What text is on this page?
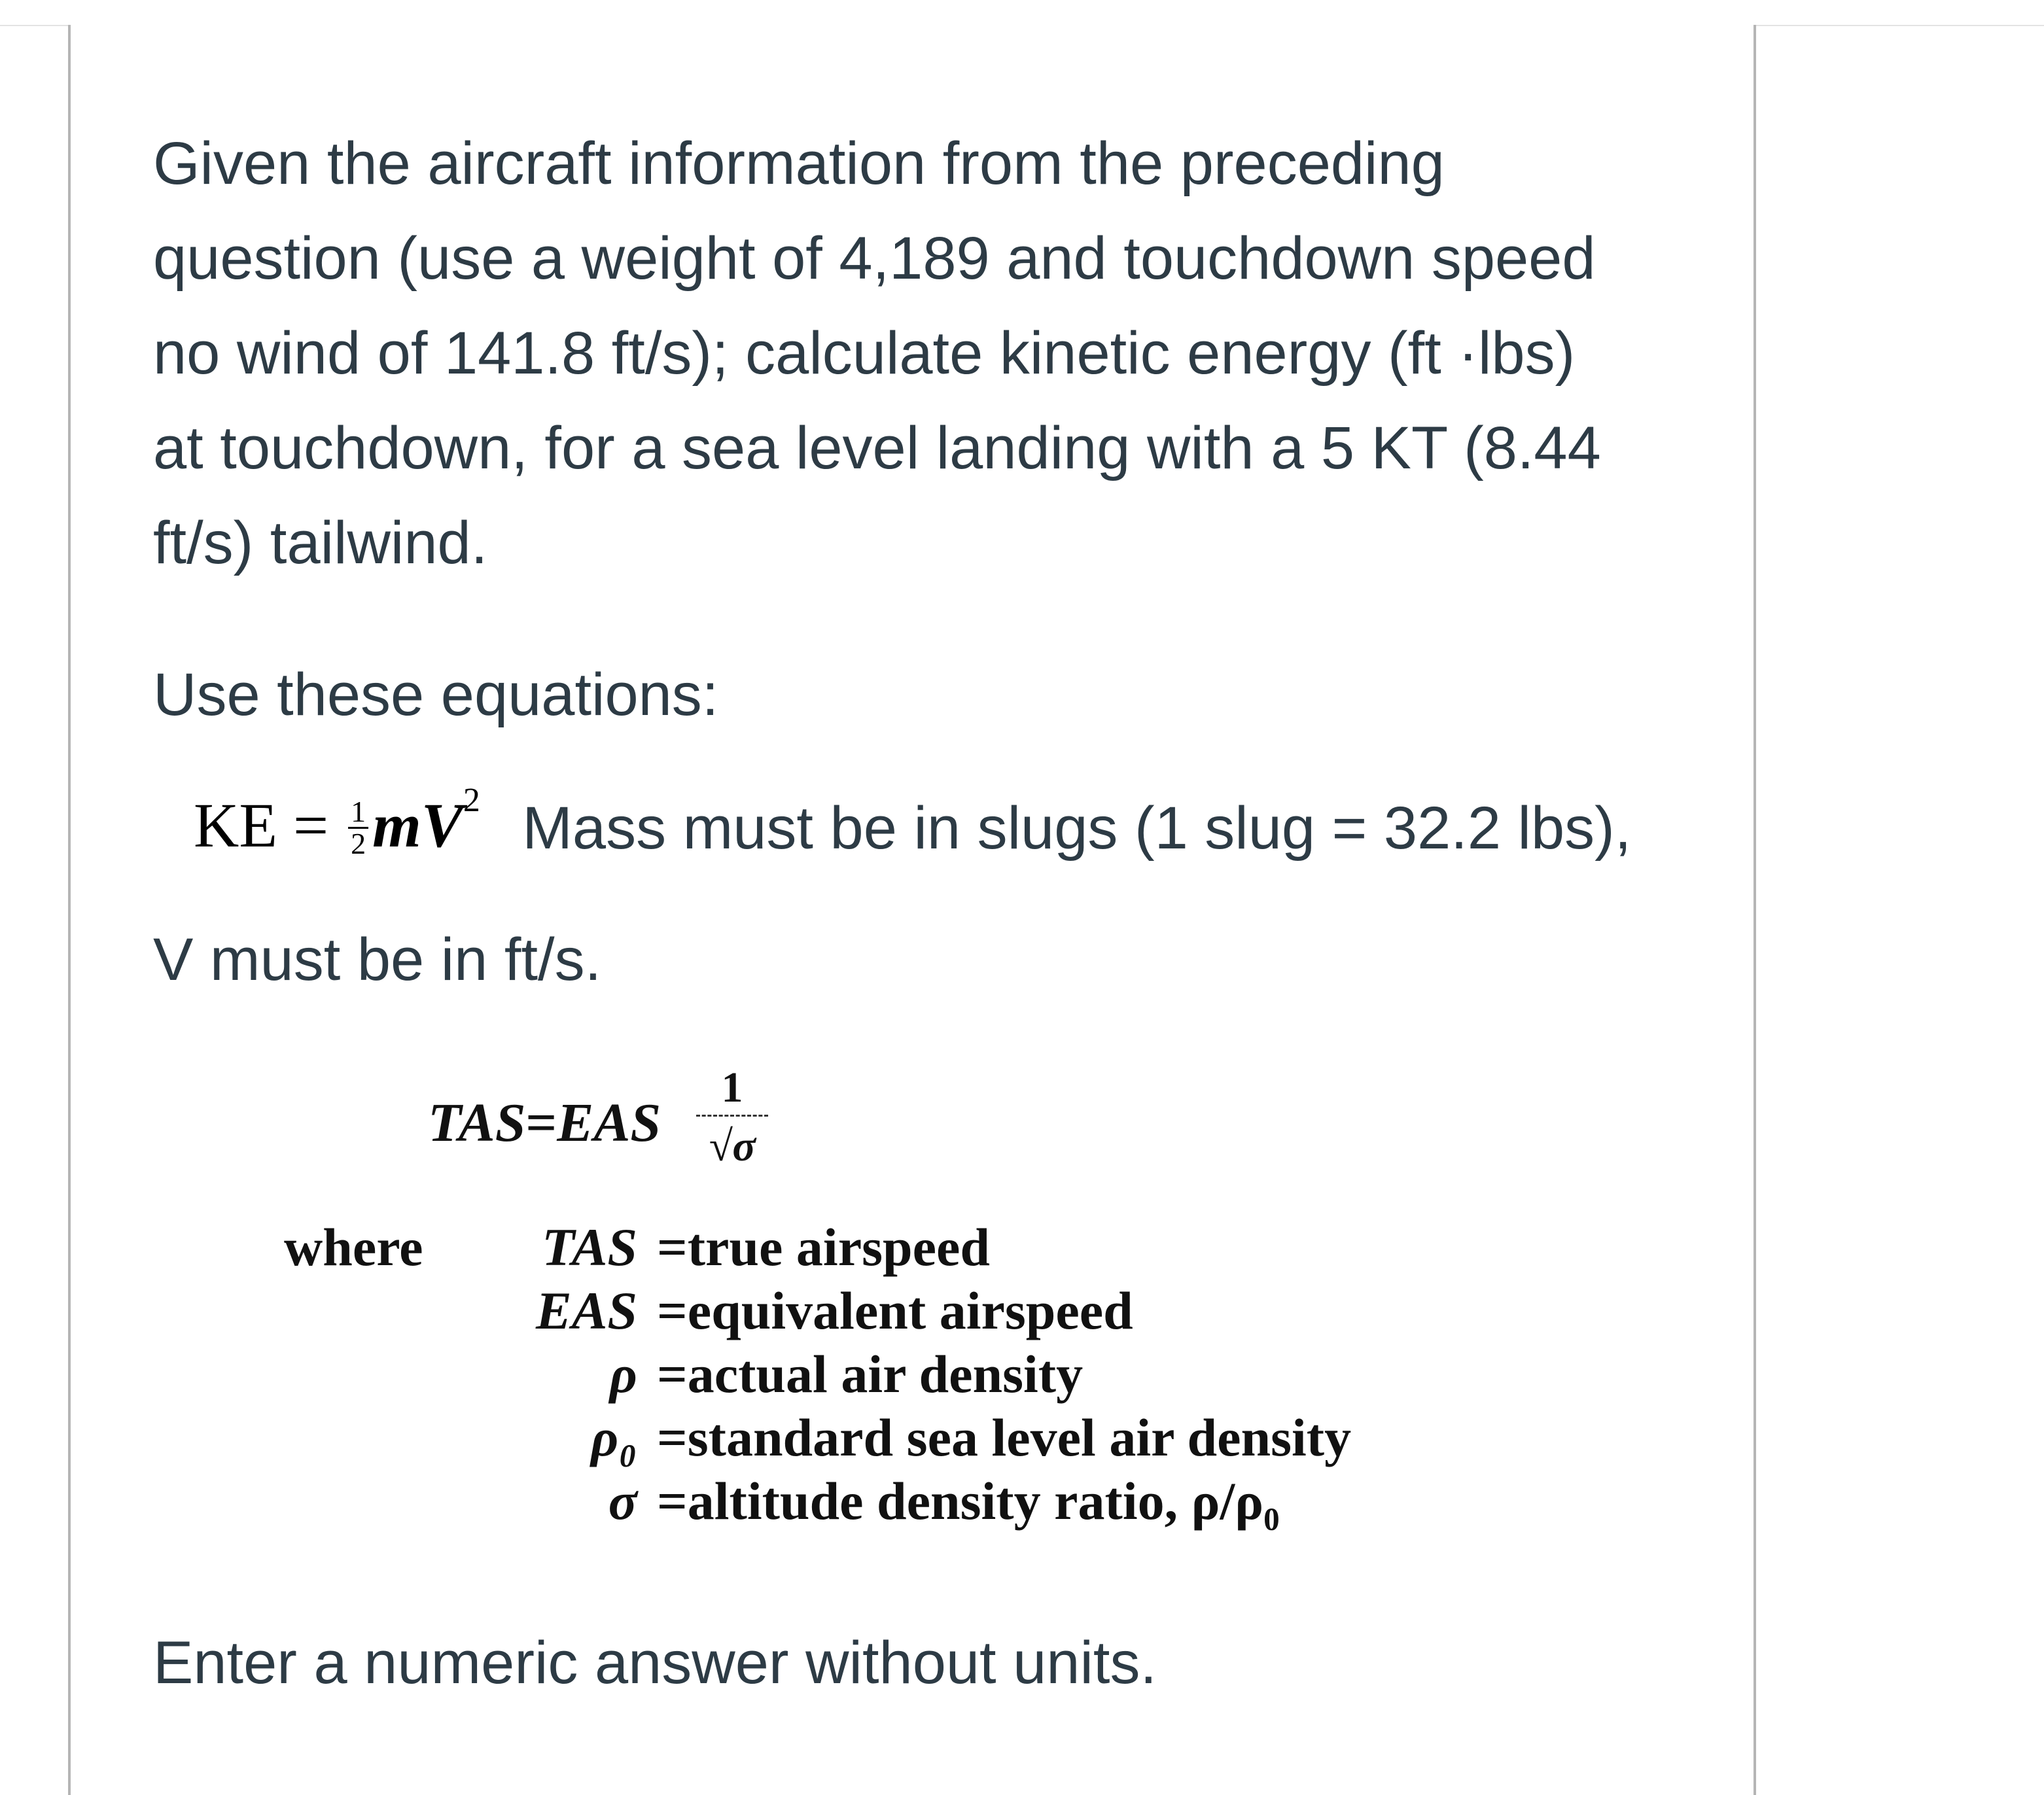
Given the aircraft information from the preceding
question (use a weight of 4,189 and touchdown speed
no wind of 141.8 ft/s); calculate kinetic energy (ft ·lbs)
at touchdown, for a sea level landing with a 5 KT (8.44
ft/s) tailwind.
Use these equations:
KE = $\frac{1}{2} mV^2$ Mass must be in slugs (1 slug = 32.2 lbs),
V must be in ft/s.
TAS=EAS
1
√σ
where	TAS =true airspeed
EAS =equivalent airspeed
ρ =actual air density
ρ₀ =standard sea level air density
σ =altitude density ratio, ρ/ρ₀
Enter a numeric answer without units.
